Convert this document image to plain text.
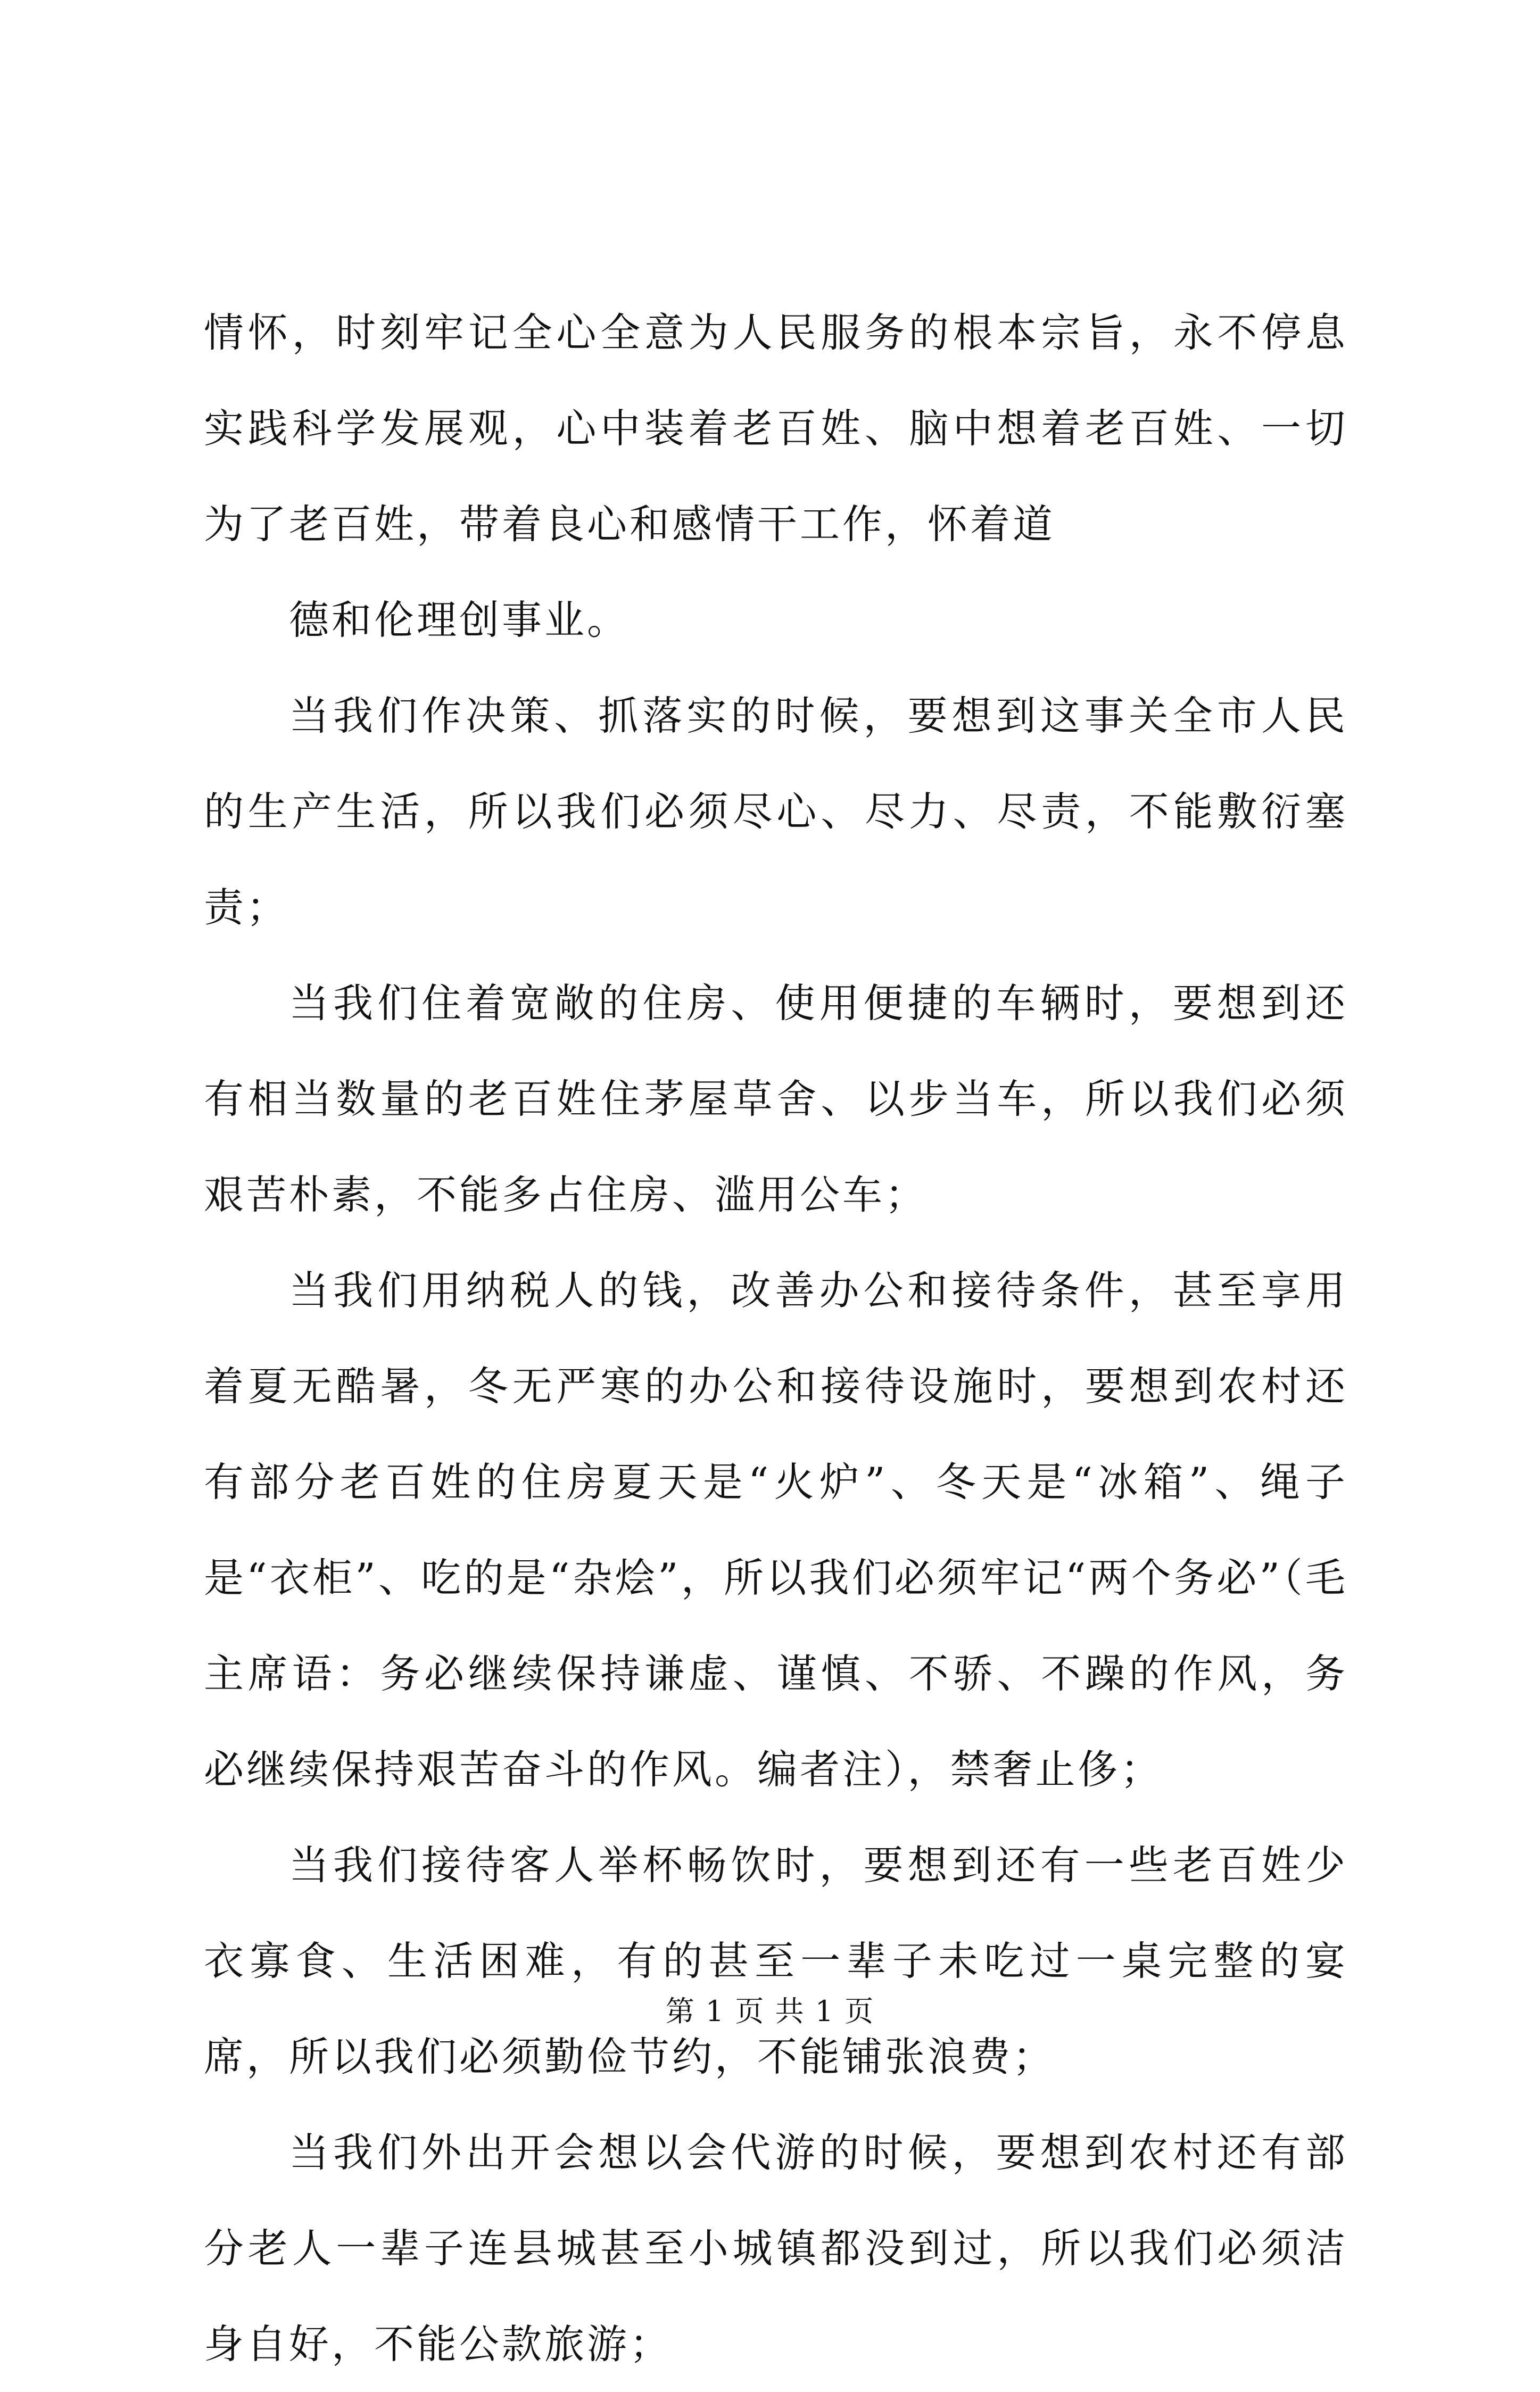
情怀，时刻牢记全心全意为人民服务的根本宗旨，永不停息实践科学发展观，心中装着老百姓、脑中想着老百姓、一切为了老百姓，带着良心和感情干工作，怀着道

德和伦理创事业。

当我们作决策、抓落实的时候，要想到这事关全市人民的生产生活，所以我们必须尽心、尽力、尽责，不能敷衍塞责；

当我们住着宽敞的住房、使用便捷的车辆时，要想到还有相当数量的老百姓住茅屋草舍、以步当车，所以我们必须艰苦朴素，不能多占住房、滥用公车；

当我们用纳税人的钱，改善办公和接待条件，甚至享用着夏无酷暑，冬无严寒的办公和接待设施时，要想到农村还有部分老百姓的住房夏天是“火炉”、冬天是“冰箱”、绳子是“衣柜”、吃的是“杂烩”，所以我们必须牢记“两个务必”（毛主席语：务必继续保持谦虚、谨慎、不骄、不躁的作风，务必继续保持艰苦奋斗的作风。编者注），禁奢止侈；

当我们接待客人举杯畅饮时，要想到还有一些老百姓少衣寡食、生活困难，有的甚至一辈子未吃过一桌完整的宴席，所以我们必须勤俭节约，不能铺张浪费；

当我们外出开会想以会代游的时候，要想到农村还有部分老人一辈子连县城甚至小城镇都没到过，所以我们必须洁身自好，不能公款旅游；

第 1 页 共 1 页
